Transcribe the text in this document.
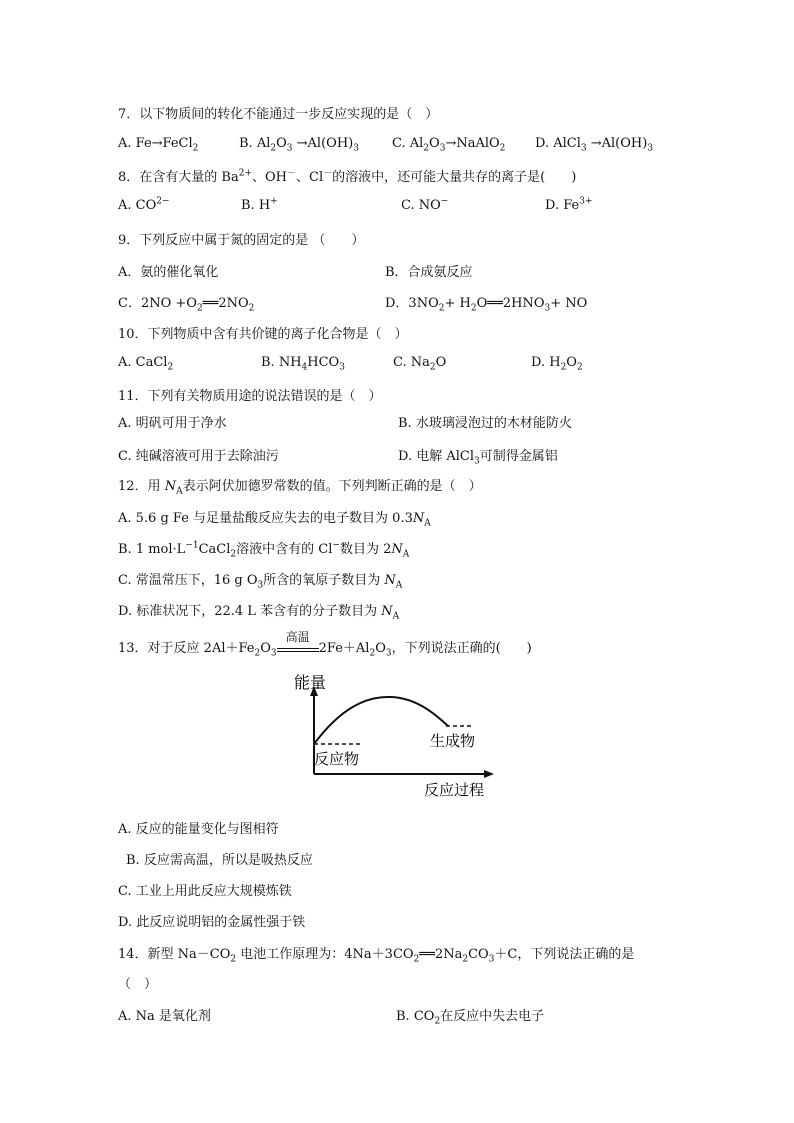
7．以下物质间的转化不能通过一步反应实现的是（　）
A. Fe→FeCl$_2$	B. $Al_2O_3 \to Al(OH)_3$	C. $Al_2O_3\to NaAlO_2$ D. AlCl$_3$ $\to Al(OH)_3$
8．在含有大量的 $Ba^{2+}$、OH－、Cl－的溶液中，还可能大量共存的离子是(　　)
A. $CO^{2-}$	B. H+	C. NO−	D. $Fe^{3+}$
9．下列反应中属于氮的固定的是 （　　）
A．氨的催化氧化	B．合成氨反应
C．$2NO +O_2══2NO_2$	D．$3NO_2+$ $H_2O══2HNO_3+$ NO
10．下列物质中含有共价键的离子化合物是（　）
A. CaCl$_2$	B. $NH_4HCO_3$	C. $Na_2O$	D. $H_2O_2$
11．下列有关物质用途的说法错误的是（　）
A. 明矾可用于净水	B. 水玻璃浸泡过的木材能防火
C. 纯碱溶液可用于去除油污	D. 电解 AlCl$_3$可制得金属铝
12．用 $N_A$表示阿伏加德罗常数的值。下列判断正确的是（　）
A. 5.6 g Fe 与足量盐酸反应失去的电子数目为 $0.3N_A$
B. 1 $mol\cdot L^{-1}CaCl_2$溶液中含有的 Cl−数目为 $2N_A$
C. 常温常压下，16 g $O_3$所含的氧原子数目为 $N_A$
D. 标准状况下，22.4 L 苯含有的分子数目为 $N_A$
13．对于反应 $2Al+Fe_2O_3$
高温
$2Fe+Al_2O_3$，下列说法正确的(　　)
能量
反应物
生成物
反应过程
A. 反应的能量变化与图相符
B. 反应需高温，所以是吸热反应
C. 工业上用此反应大规模炼铁
D. 此反应说明铝的金属性强于铁
14．新型 $Na-CO_2$ 电池工作原理为：$4Na+3CO_2══2Na_2CO_3+C$，下列说法正确的是
（　）
A. Na 是氧化剂	B. $CO_2$在反应中失去电子
